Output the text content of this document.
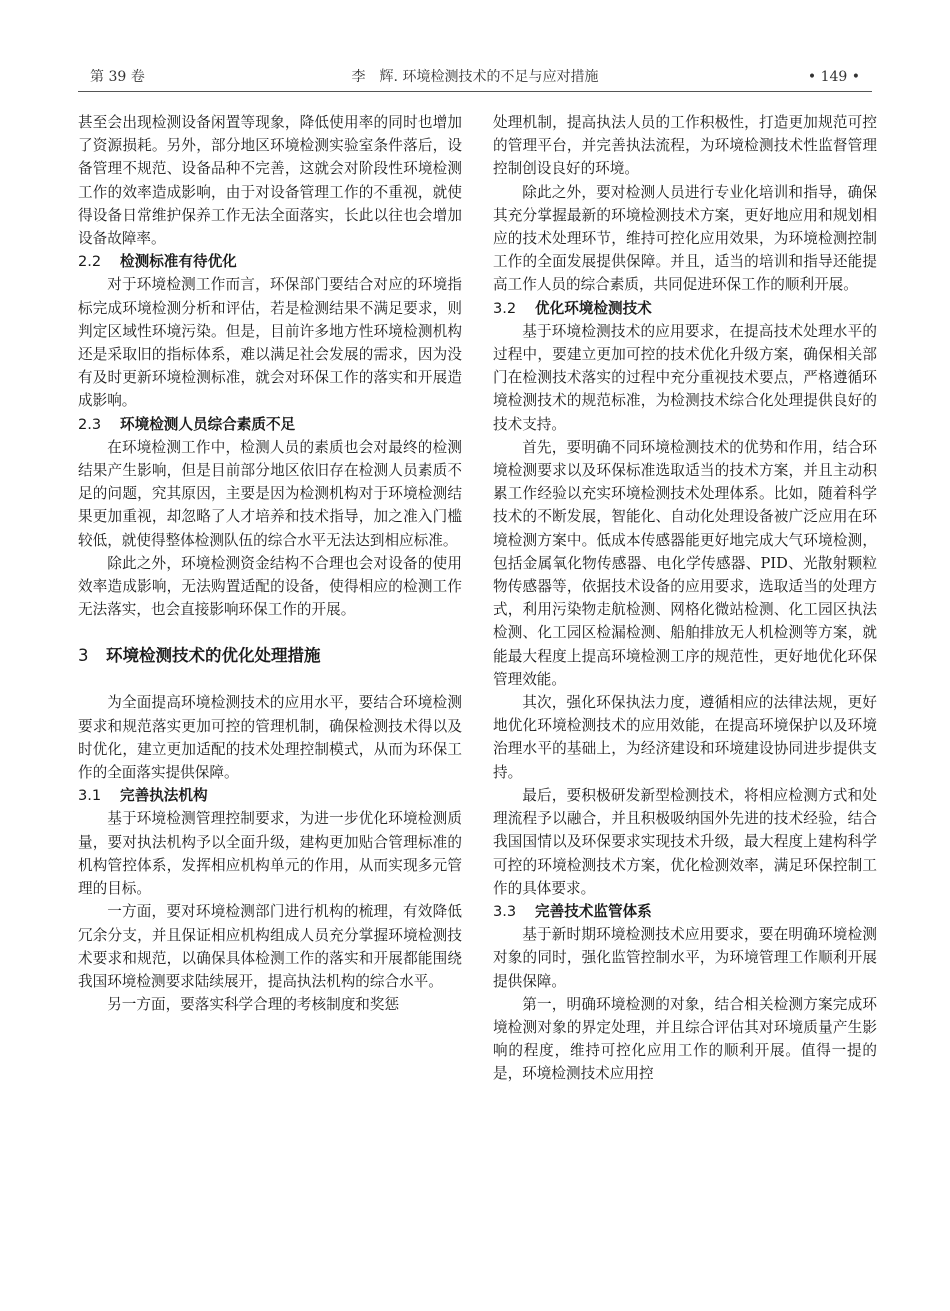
第 39 卷	李　辉. 环境检测技术的不足与应对措施	• 149 •

甚至会出现检测设备闲置等现象，降低使用率的同时也增加了资源损耗。另外，部分地区环境检测实验室条件落后，设备管理不规范、设备品种不完善，这就会对阶段性环境检测工作的效率造成影响，由于对设备管理工作的不重视，就使得设备日常维护保养工作无法全面落实，长此以往也会增加设备故障率。

2.2 检测标准有待优化

对于环境检测工作而言，环保部门要结合对应的环境指标完成环境检测分析和评估，若是检测结果不满足要求，则判定区域性环境污染。但是，目前许多地方性环境检测机构还是采取旧的指标体系，难以满足社会发展的需求，因为没有及时更新环境检测标准，就会对环保工作的落实和开展造成影响。

2.3 环境检测人员综合素质不足

在环境检测工作中，检测人员的素质也会对最终的检测结果产生影响，但是目前部分地区依旧存在检测人员素质不足的问题，究其原因，主要是因为检测机构对于环境检测结果更加重视，却忽略了人才培养和技术指导，加之准入门槛较低，就使得整体检测队伍的综合水平无法达到相应标准。

除此之外，环境检测资金结构不合理也会对设备的使用效率造成影响，无法购置适配的设备，使得相应的检测工作无法落实，也会直接影响环保工作的开展。

3 环境检测技术的优化处理措施

为全面提高环境检测技术的应用水平，要结合环境检测要求和规范落实更加可控的管理机制，确保检测技术得以及时优化，建立更加适配的技术处理控制模式，从而为环保工作的全面落实提供保障。

3.1 完善执法机构

基于环境检测管理控制要求，为进一步优化环境检测质量，要对执法机构予以全面升级，建构更加贴合管理标准的机构管控体系，发挥相应机构单元的作用，从而实现多元管理的目标。

一方面，要对环境检测部门进行机构的梳理，有效降低冗余分支，并且保证相应机构组成人员充分掌握环境检测技术要求和规范，以确保具体检测工作的落实和开展都能围绕我国环境检测要求陆续展开，提高执法机构的综合水平。

另一方面，要落实科学合理的考核制度和奖惩

处理机制，提高执法人员的工作积极性，打造更加规范可控的管理平台，并完善执法流程，为环境检测技术性监督管理控制创设良好的环境。

除此之外，要对检测人员进行专业化培训和指导，确保其充分掌握最新的环境检测技术方案，更好地应用和规划相应的技术处理环节，维持可控化应用效果，为环境检测控制工作的全面发展提供保障。并且，适当的培训和指导还能提高工作人员的综合素质，共同促进环保工作的顺利开展。

3.2 优化环境检测技术

基于环境检测技术的应用要求，在提高技术处理水平的过程中，要建立更加可控的技术优化升级方案，确保相关部门在检测技术落实的过程中充分重视技术要点，严格遵循环境检测技术的规范标准，为检测技术综合化处理提供良好的技术支持。

首先，要明确不同环境检测技术的优势和作用，结合环境检测要求以及环保标准选取适当的技术方案，并且主动积累工作经验以充实环境检测技术处理体系。比如，随着科学技术的不断发展，智能化、自动化处理设备被广泛应用在环境检测方案中。低成本传感器能更好地完成大气环境检测，包括金属氧化物传感器、电化学传感器、PID、光散射颗粒物传感器等，依据技术设备的应用要求，选取适当的处理方式，利用污染物走航检测、网格化微站检测、化工园区执法检测、化工园区检漏检测、船舶排放无人机检测等方案，就能最大程度上提高环境检测工序的规范性，更好地优化环保管理效能。

其次，强化环保执法力度，遵循相应的法律法规，更好地优化环境检测技术的应用效能，在提高环境保护以及环境治理水平的基础上，为经济建设和环境建设协同进步提供支持。

最后，要积极研发新型检测技术，将相应检测方式和处理流程予以融合，并且积极吸纳国外先进的技术经验，结合我国国情以及环保要求实现技术升级，最大程度上建构科学可控的环境检测技术方案，优化检测效率，满足环保控制工作的具体要求。

3.3 完善技术监管体系

基于新时期环境检测技术应用要求，要在明确环境检测对象的同时，强化监管控制水平，为环境管理工作顺利开展提供保障。

第一，明确环境检测的对象，结合相关检测方案完成环境检测对象的界定处理，并且综合评估其对环境质量产生影响的程度，维持可控化应用工作的顺利开展。值得一提的是，环境检测技术应用控
